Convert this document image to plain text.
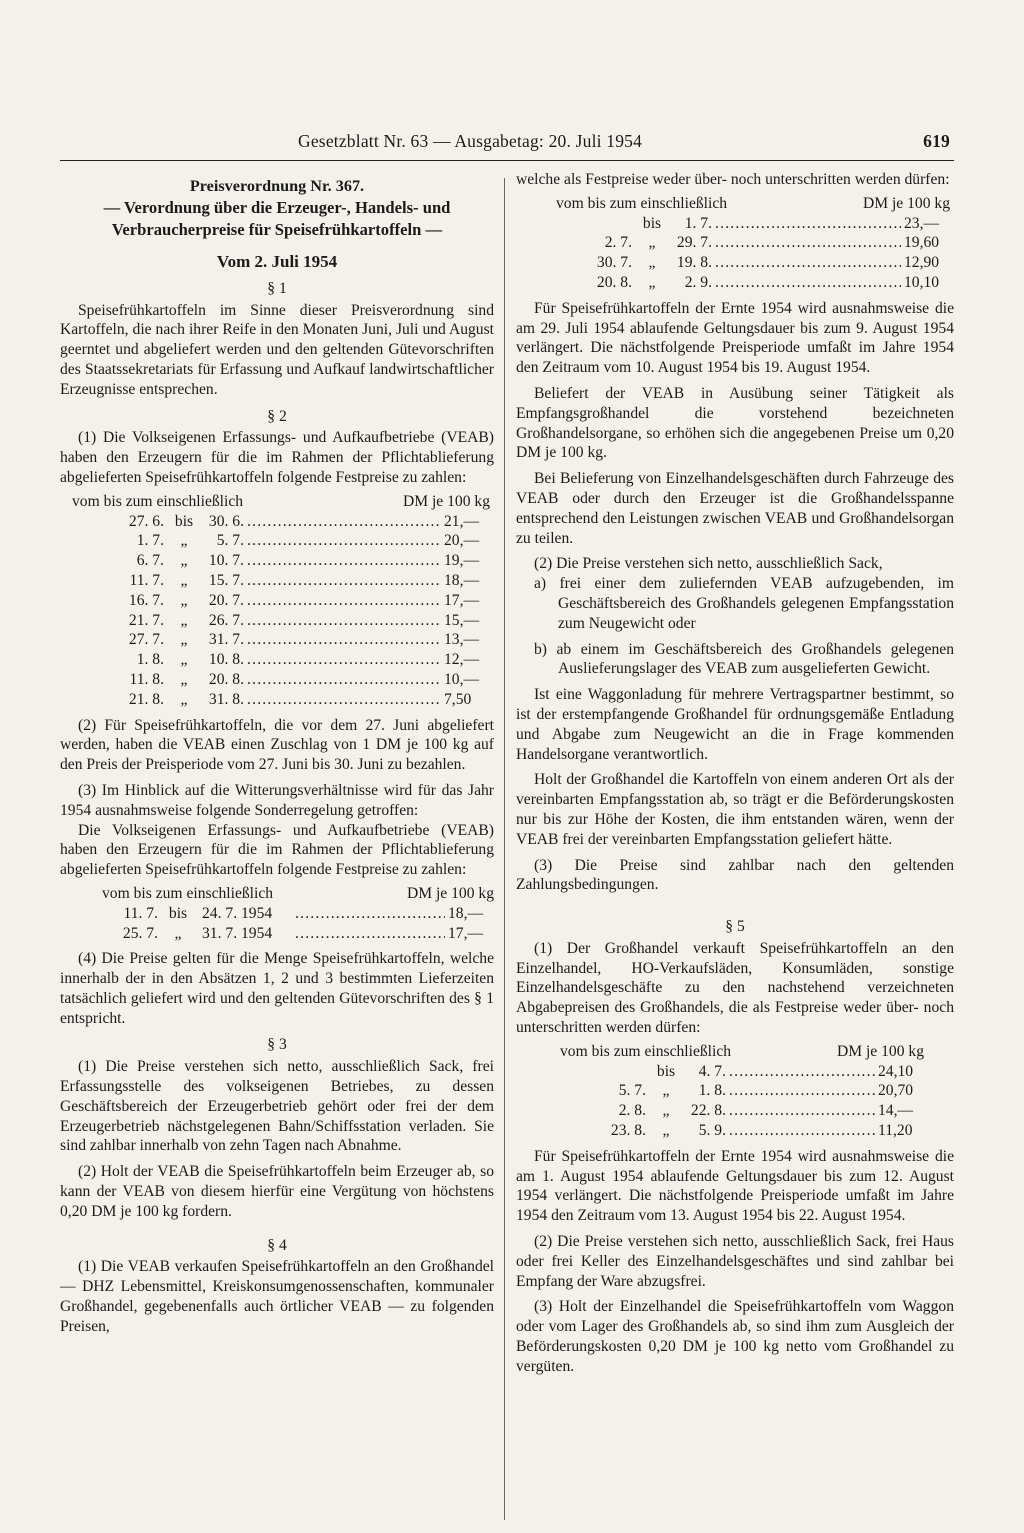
Gesetzblatt Nr. 63 — Ausgabetag: 20. Juli 1954	619
Preisverordnung Nr. 367.
— Verordnung über die Erzeuger-, Handels- und Verbraucherpreise für Speisefrühkartoffeln —
Vom 2. Juli 1954
§ 1

Speisefrühkartoffeln im Sinne dieser Preisverordnung sind Kartoffeln, die nach ihrer Reife in den Monaten Juni, Juli und August geerntet und abgeliefert werden und den geltenden Gütevorschriften des Staatssekretariats für Erfassung und Aufkauf landwirtschaftlicher Erzeugnisse entsprechen.

§ 2

(1) Die Volkseigenen Erfassungs- und Aufkaufbetriebe (VEAB) haben den Erzeugern für die im Rahmen der Pflichtablieferung abgelieferten Speisefrühkartoffeln folgende Festpreise zu zahlen:

vom bis zum einschließlich	DM je 100 kg
27. 6. bis	30. 6. .....	21,—
1. 7.	„	5. 7. .....	20,—
6. 7.	„	10. 7. .....	19,—
11. 7.	„	15. 7. .....	18,—
16. 7.	„	20. 7. .....	17,—
21. 7.	„	26. 7. .....	15,—
27. 7.	„	31. 7. .....	13,—
1. 8.	„	10. 8. .....	12,—
11. 8.	„	20. 8. .....	10,—
21. 8.	„	31. 8. .....	7,50

(2) Für Speisefrühkartoffeln, die vor dem 27. Juni abgeliefert werden, haben die VEAB einen Zuschlag von 1 DM je 100 kg auf den Preis der Preisperiode vom 27. Juni bis 30. Juni zu bezahlen.

(3) Im Hinblick auf die Witterungsverhältnisse wird für das Jahr 1954 ausnahmsweise folgende Sonderregelung getroffen:

Die Volkseigenen Erfassungs- und Aufkaufbetriebe (VEAB) haben den Erzeugern für die im Rahmen der Pflichtablieferung abgelieferten Speisefrühkartoffeln folgende Festpreise zu zahlen:

vom bis zum einschließlich	DM je 100 kg
11. 7. bis 24. 7. 1954 .....	18,—
25. 7.	„	31. 7. 1954 .....	17,—

(4) Die Preise gelten für die Menge Speisefrühkartoffeln, welche innerhalb der in den Absätzen 1, 2 und 3 bestimmten Lieferzeiten tatsächlich geliefert wird und den geltenden Gütevorschriften des § 1 entspricht.

§ 3

(1) Die Preise verstehen sich netto, ausschließlich Sack, frei Erfassungsstelle des volkseigenen Betriebes, zu dessen Geschäftsbereich der Erzeugerbetrieb gehört oder frei der dem Erzeugerbetrieb nächstgelegenen Bahn/Schiffsstation verladen. Sie sind zahlbar innerhalb von zehn Tagen nach Abnahme.

(2) Holt der VEAB die Speisefrühkartoffeln beim Erzeuger ab, so kann der VEAB von diesem hierfür eine Vergütung von höchstens 0,20 DM je 100 kg fordern.

§ 4

(1) Die VEAB verkaufen Speisefrühkartoffeln an den Großhandel — DHZ Lebensmittel, Kreiskonsumgenossenschaften, kommunaler Großhandel, gegebenenfalls auch örtlicher VEAB — zu folgenden Preisen,

welche als Festpreise weder über- noch unterschritten werden dürfen:

vom bis zum einschließlich	DM je 100 kg
bis	1. 7. .....	23,—
2. 7.	„	29. 7. .....	19,60
30. 7.	„	19. 8. .....	12,90
20. 8.	„	2. 9. .....	10,10

Für Speisefrühkartoffeln der Ernte 1954 wird ausnahmsweise die am 29. Juli 1954 ablaufende Geltungsdauer bis zum 9. August 1954 verlängert. Die nächstfolgende Preisperiode umfaßt im Jahre 1954 den Zeitraum vom 10. August 1954 bis 19. August 1954.

Beliefert der VEAB in Ausübung seiner Tätigkeit als Empfangsgroßhandel die vorstehend bezeichneten Großhandelsorgane, so erhöhen sich die angegebenen Preise um 0,20 DM je 100 kg.

Bei Belieferung von Einzelhandelsgeschäften durch Fahrzeuge des VEAB oder durch den Erzeuger ist die Großhandelsspanne entsprechend den Leistungen zwischen VEAB und Großhandelsorgan zu teilen.

(2) Die Preise verstehen sich netto, ausschließlich Sack,

a) frei einer dem zuliefernden VEAB aufzugebenden, im Geschäftsbereich des Großhandels gelegenen Empfangsstation zum Neugewicht oder

b) ab einem im Geschäftsbereich des Großhandels gelegenen Auslieferungslager des VEAB zum ausgelieferten Gewicht.

Ist eine Waggonladung für mehrere Vertragspartner bestimmt, so ist der erstempfangende Großhandel für ordnungsgemäße Entladung und Abgabe zum Neugewicht an die in Frage kommenden Handelsorgane verantwortlich.

Holt der Großhandel die Kartoffeln von einem anderen Ort als der vereinbarten Empfangsstation ab, so trägt er die Beförderungskosten nur bis zur Höhe der Kosten, die ihm entstanden wären, wenn der VEAB frei der vereinbarten Empfangsstation geliefert hätte.

(3) Die Preise sind zahlbar nach den geltenden Zahlungsbedingungen.

§ 5

(1) Der Großhandel verkauft Speisefrühkartoffeln an den Einzelhandel, HO-Verkaufsläden, Konsumläden, sonstige Einzelhandelsgeschäfte zu den nachstehend verzeichneten Abgabepreisen des Großhandels, die als Festpreise weder über- noch unterschritten werden dürfen:

vom bis zum einschließlich	DM je 100 kg
bis	4. 7. .....	24,10
5. 7.	„	1. 8. .....	20,70
2. 8.	„	22. 8. .....	14,—
23. 8.	„	5. 9. .....	11,20

Für Speisefrühkartoffeln der Ernte 1954 wird ausnahmsweise die am 1. August 1954 ablaufende Geltungsdauer bis zum 12. August 1954 verlängert. Die nächstfolgende Preisperiode umfaßt im Jahre 1954 den Zeitraum vom 13. August 1954 bis 22. August 1954.

(2) Die Preise verstehen sich netto, ausschließlich Sack, frei Haus oder frei Keller des Einzelhandelsgeschäftes und sind zahlbar bei Empfang der Ware abzugsfrei.

(3) Holt der Einzelhandel die Speisefrühkartoffeln vom Waggon oder vom Lager des Großhandels ab, so sind ihm zum Ausgleich der Beförderungskosten 0,20 DM je 100 kg netto vom Großhandel zu vergüten.
